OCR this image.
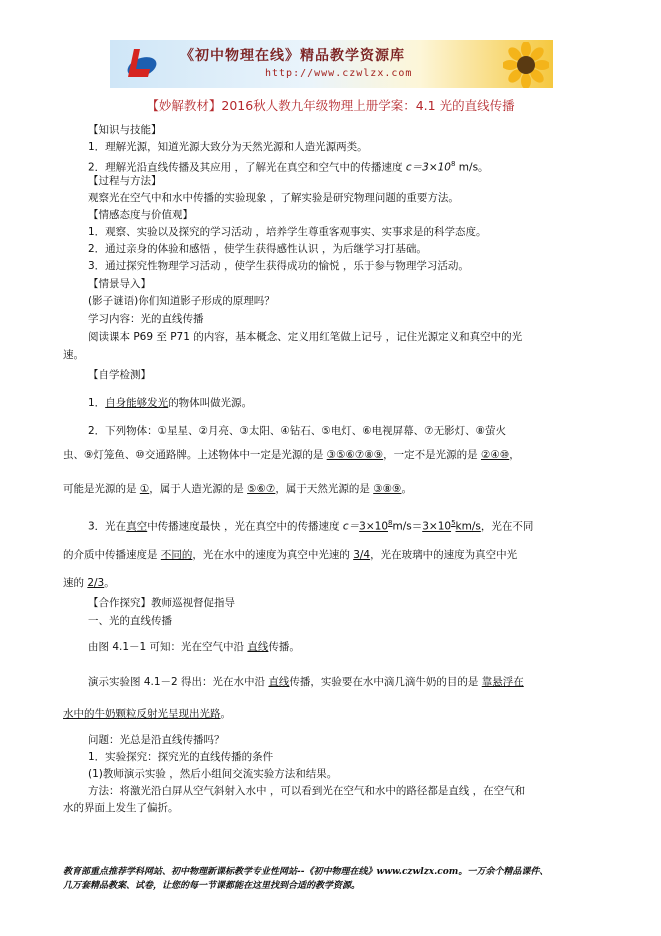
《初中物理在线》精品教学资源库
http://www.czwlzx.com
【妙解教材】2016秋人教九年级物理上册学案：4.1 光的直线传播
【知识与技能】
1．理解光源，知道光源大致分为天然光源和人造光源两类。
2．理解光沿直线传播及其应用 ，了解光在真空和空气中的传播速度 $c=3\times 10^8$ m/s。
【过程与方法】
观察光在空气中和水中传播的实验现象 ，了解实验是研究物理问题的重要方法。
【情感态度与价值观】
1．观察、实验以及探究的学习活动 ，培养学生尊重客观事实、实事求是的科学态度。
2．通过亲身的体验和感悟 ，使学生获得感性认识 ，为后继学习打基础。
3．通过探究性物理学习活动 ，使学生获得成功的愉悦 ，乐于参与物理学习活动。
【情景导入】
(影子谜语)你们知道影子形成的原理吗？
学习内容：光的直线传播
阅读课本 P69 至 P71 的内容，基本概念、定义用红笔做上记号 ，记住光源定义和真空中的光
速。
【自学检测】
1．自身能够发光的物体叫做光源。
2．下列物体：①星星、②月亮、③太阳、④钻石、⑤电灯、⑥电视屏幕、⑦无影灯、⑧萤火
虫、⑨灯笼鱼、⑩交通路牌。上述物体中一定是光源的是 ③⑤⑥⑦⑧⑨，一定不是光源的是 ②④⑩，
可能是光源的是 ①，属于人造光源的是 ⑤⑥⑦，属于天然光源的是 ③⑧⑨。
3．光在真空中传播速度最快 ，光在真空中的传播速度 $c=3\times 10^8m/s=3\times 10^5km/s$，光在不同
的介质中传播速度是 不同的，光在水中的速度为真空中光速的 3/4，光在玻璃中的速度为真空中光
速的 2/3。
【合作探究】教师巡视督促指导
一、光的直线传播
由图 4.1－1 可知：光在空气中沿 直线传播。
演示实验图 4.1－2 得出：光在水中沿 直线传播，实验要在水中滴几滴牛奶的目的是 靠悬浮在
水中的牛奶颗粒反射光呈现出光路。
问题：光总是沿直线传播吗？
1．实验探究：探究光的直线传播的条件
(1)教师演示实验 ，然后小组间交流实验方法和结果。
方法：将激光沿白屏从空气斜射入水中 ，可以看到光在空气和水中的路径都是直线 ，在空气和
水的界面上发生了偏折。
教育部重点推荐学科网站、初中物理新课标教学专业性网站--《初中物理在线》www.czwlzx.com。一万余个精品课件、
几万套精品教案、试卷，让您的每一节课都能在这里找到合适的教学资源。
